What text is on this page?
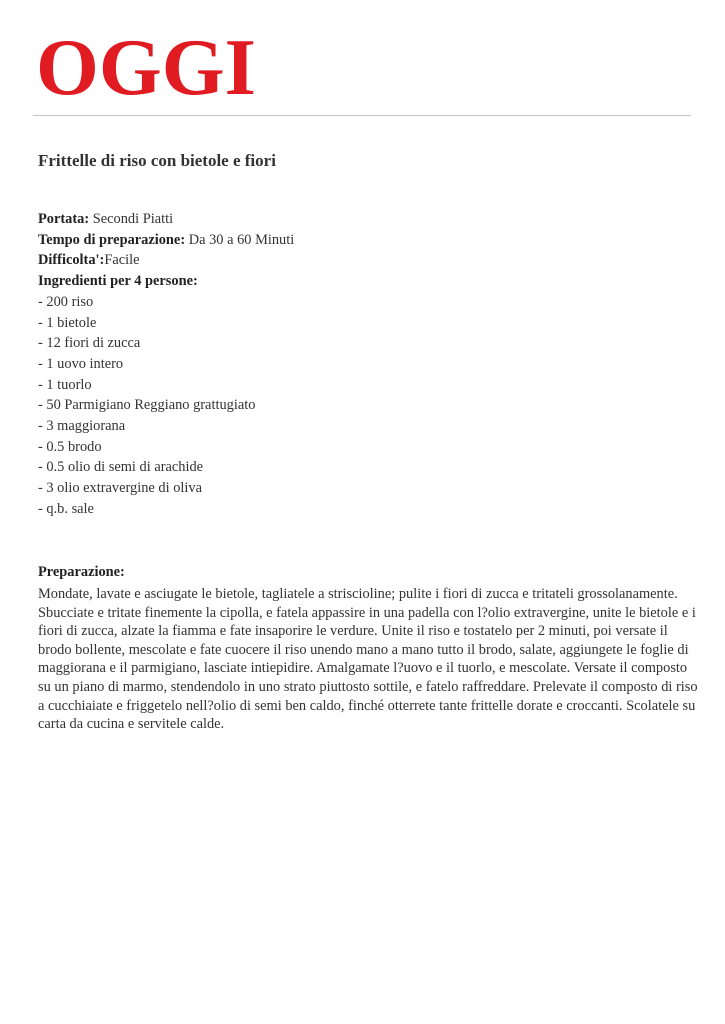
OGGI
Frittelle di riso con bietole e fiori
Portata: Secondi Piatti
Tempo di preparazione: Da 30 a 60 Minuti
Difficolta':Facile
Ingredienti per 4 persone:
- 200 riso
- 1 bietole
- 12 fiori di zucca
- 1 uovo intero
- 1 tuorlo
- 50 Parmigiano Reggiano grattugiato
- 3 maggiorana
- 0.5 brodo
- 0.5 olio di semi di arachide
- 3 olio extravergine di oliva
- q.b. sale
Preparazione:

Mondate, lavate e asciugate le bietole, tagliatele a striscioline; pulite i fiori di zucca e tritateli grossolanamente. Sbucciate e tritate finemente la cipolla, e fatela appassire in una padella con l?olio extravergine, unite le bietole e i fiori di zucca, alzate la fiamma e fate insaporire le verdure. Unite il riso e tostatelo per 2 minuti, poi versate il brodo bollente, mescolate e fate cuocere il riso unendo mano a mano tutto il brodo, salate, aggiungete le foglie di maggiorana e il parmigiano, lasciate intiepidire. Amalgamate l?uovo e il tuorlo, e mescolate. Versate il composto su un piano di marmo, stendendolo in uno strato piuttosto sottile, e fatelo raffreddare. Prelevate il composto di riso a cucchiaiate e friggetelo nell?olio di semi ben caldo, finché otterrete tante frittelle dorate e croccanti. Scolatele su carta da cucina e servitele calde.
